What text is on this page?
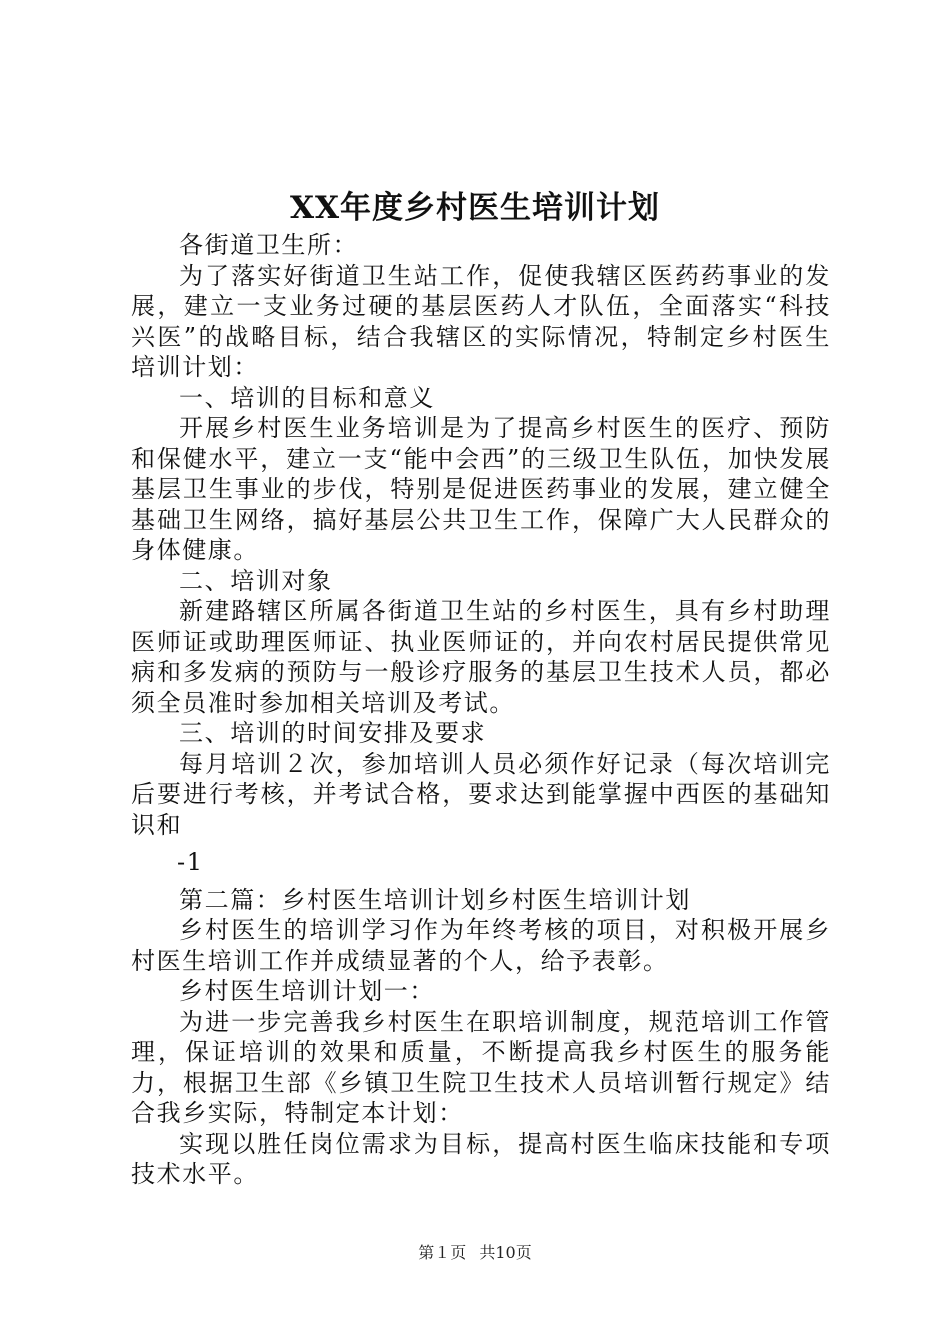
XX年度乡村医生培训计划

各街道卫生所：

为了落实好街道卫生站工作，促使我辖区医药药事业的发展，建立一支业务过硬的基层医药人才队伍，全面落实“科技兴医”的战略目标，结合我辖区的实际情况，特制定乡村医生培训计划：

一、培训的目标和意义

开展乡村医生业务培训是为了提高乡村医生的医疗、预防和保健水平，建立一支“能中会西”的三级卫生队伍，加快发展基层卫生事业的步伐，特别是促进医药事业的发展，建立健全基础卫生网络，搞好基层公共卫生工作，保障广大人民群众的身体健康。

二、培训对象

新建路辖区所属各街道卫生站的乡村医生，具有乡村助理医师证或助理医师证、执业医师证的，并向农村居民提供常见病和多发病的预防与一般诊疗服务的基层卫生技术人员，都必须全员准时参加相关培训及考试。

三、培训的时间安排及要求

每月培训２次，参加培训人员必须作好记录（每次培训完后要进行考核，并考试合格，要求达到能掌握中西医的基础知识和

-1

第二篇：乡村医生培训计划乡村医生培训计划

乡村医生的培训学习作为年终考核的项目，对积极开展乡村医生培训工作并成绩显著的个人，给予表彰。

乡村医生培训计划一：

为进一步完善我乡村医生在职培训制度，规范培训工作管理，保证培训的效果和质量，不断提高我乡村医生的服务能力，根据卫生部《乡镇卫生院卫生技术人员培训暂行规定》结合我乡实际，特制定本计划：

实现以胜任岗位需求为目标，提高村医生临床技能和专项技术水平。

第１页 共10页
